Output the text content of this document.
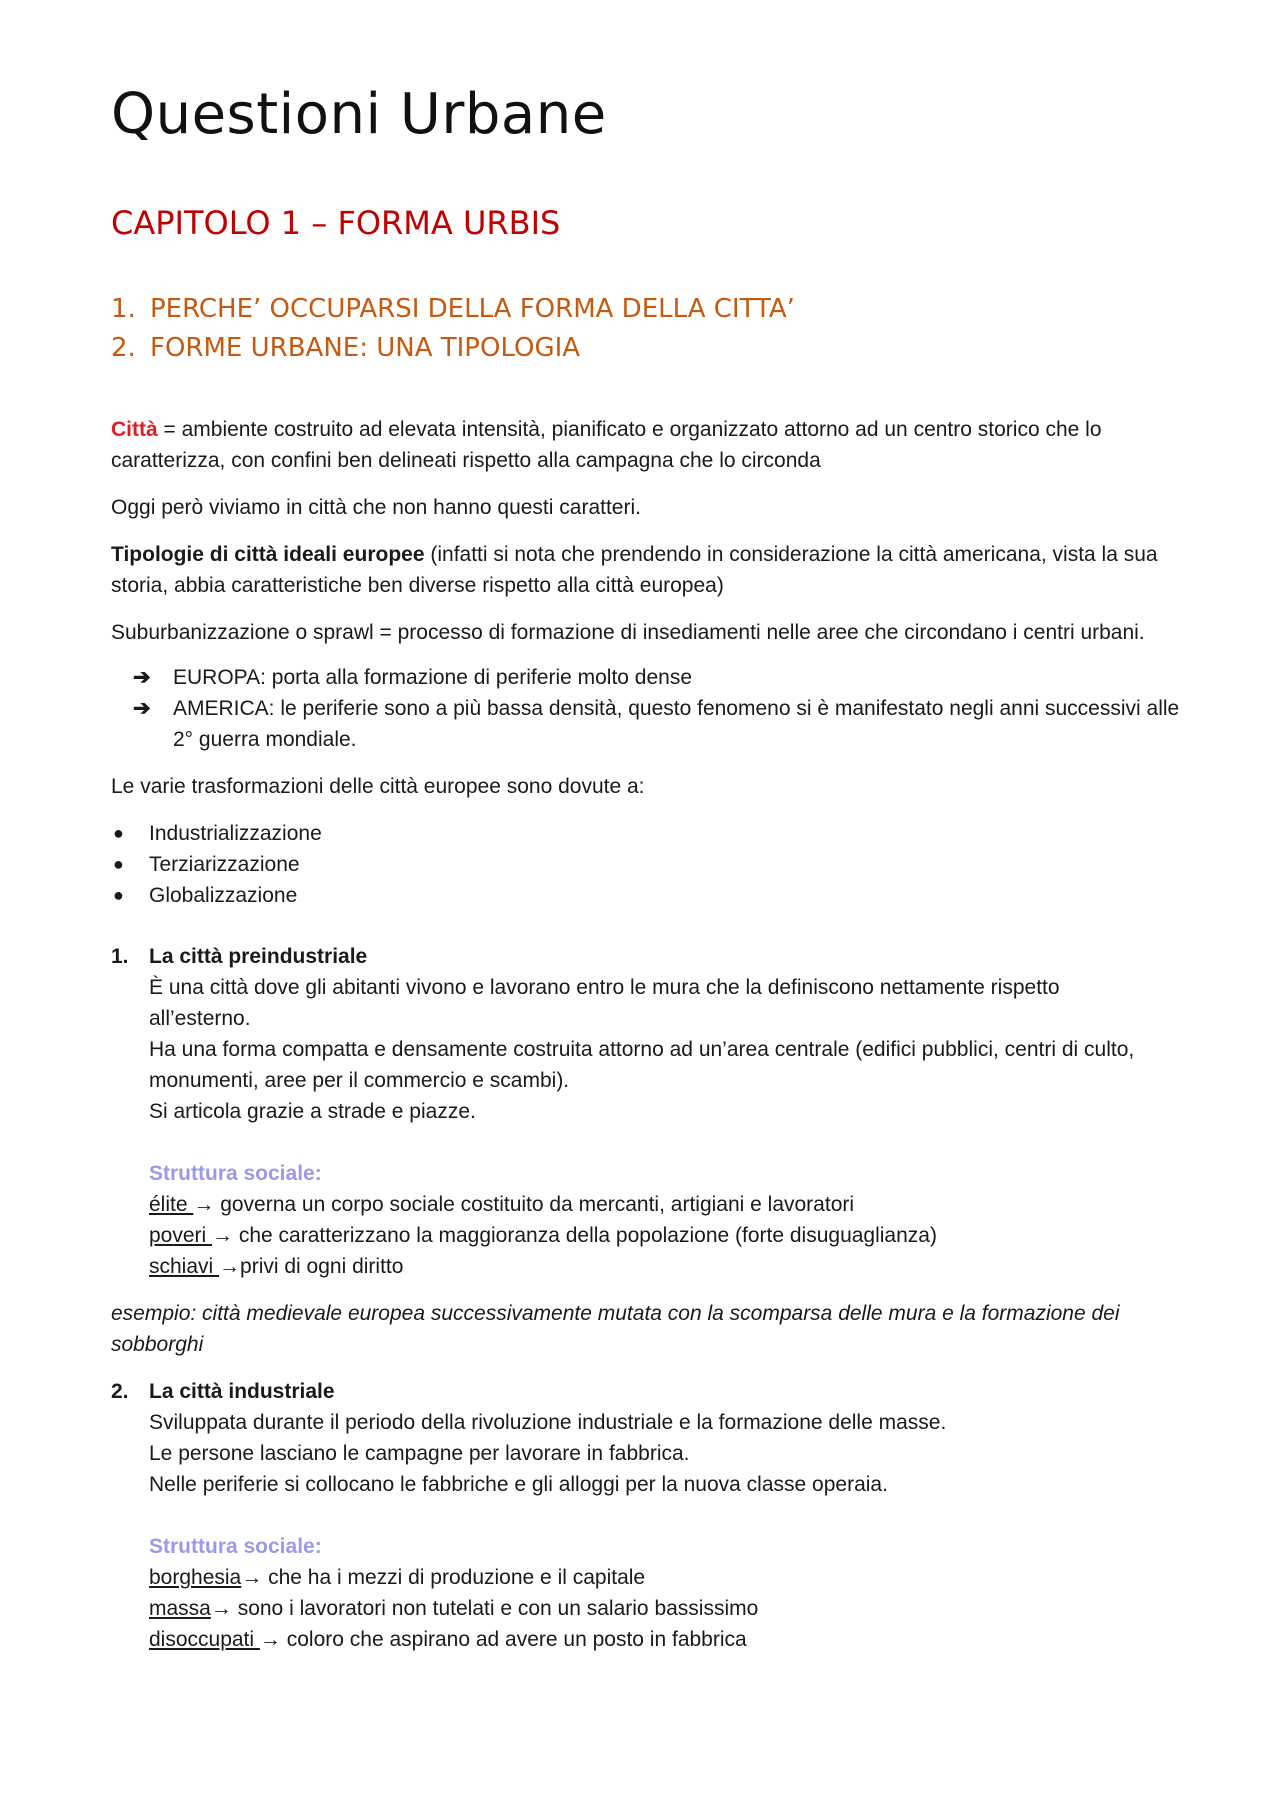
Questioni Urbane
CAPITOLO 1 – FORMA URBIS
1. PERCHE’ OCCUPARSI DELLA FORMA DELLA CITTA’
2. FORME URBANE: UNA TIPOLOGIA

Città = ambiente costruito ad elevata intensità, pianificato e organizzato attorno ad un centro storico che lo
caratterizza, con confini ben delineati rispetto alla campagna che lo circonda

Oggi però viviamo in città che non hanno questi caratteri.

Tipologie di città ideali europee (infatti si nota che prendendo in considerazione la città americana, vista la sua
storia, abbia caratteristiche ben diverse rispetto alla città europea)

Suburbanizzazione o sprawl = processo di formazione di insediamenti nelle aree che circondano i centri urbani.

➔ EUROPA: porta alla formazione di periferie molto dense
➔ AMERICA: le periferie sono a più bassa densità, questo fenomeno si è manifestato negli anni successivi alle
2° guerra mondiale.

Le varie trasformazioni delle città europee sono dovute a:

● Industrializzazione
● Terziarizzazione
● Globalizzazione
1. La città preindustriale
È una città dove gli abitanti vivono e lavorano entro le mura che la definiscono nettamente rispetto
all’esterno.
Ha una forma compatta e densamente costruita attorno ad un’area centrale (edifici pubblici, centri di culto,
monumenti, aree per il commercio e scambi).
Si articola grazie a strade e piazze.
Struttura sociale:
élite → governa un corpo sociale costituito da mercanti, artigiani e lavoratori
poveri → che caratterizzano la maggioranza della popolazione (forte disuguaglianza)
schiavi →privi di ogni diritto

esempio: città medievale europea successivamente mutata con la scomparsa delle mura e la formazione dei
sobborghi

2. La città industriale
Sviluppata durante il periodo della rivoluzione industriale e la formazione delle masse.
Le persone lasciano le campagne per lavorare in fabbrica.
Nelle periferie si collocano le fabbriche e gli alloggi per la nuova classe operaia.
Struttura sociale:
borghesia→ che ha i mezzi di produzione e il capitale
massa→ sono i lavoratori non tutelati e con un salario bassissimo
disoccupati → coloro che aspirano ad avere un posto in fabbrica
